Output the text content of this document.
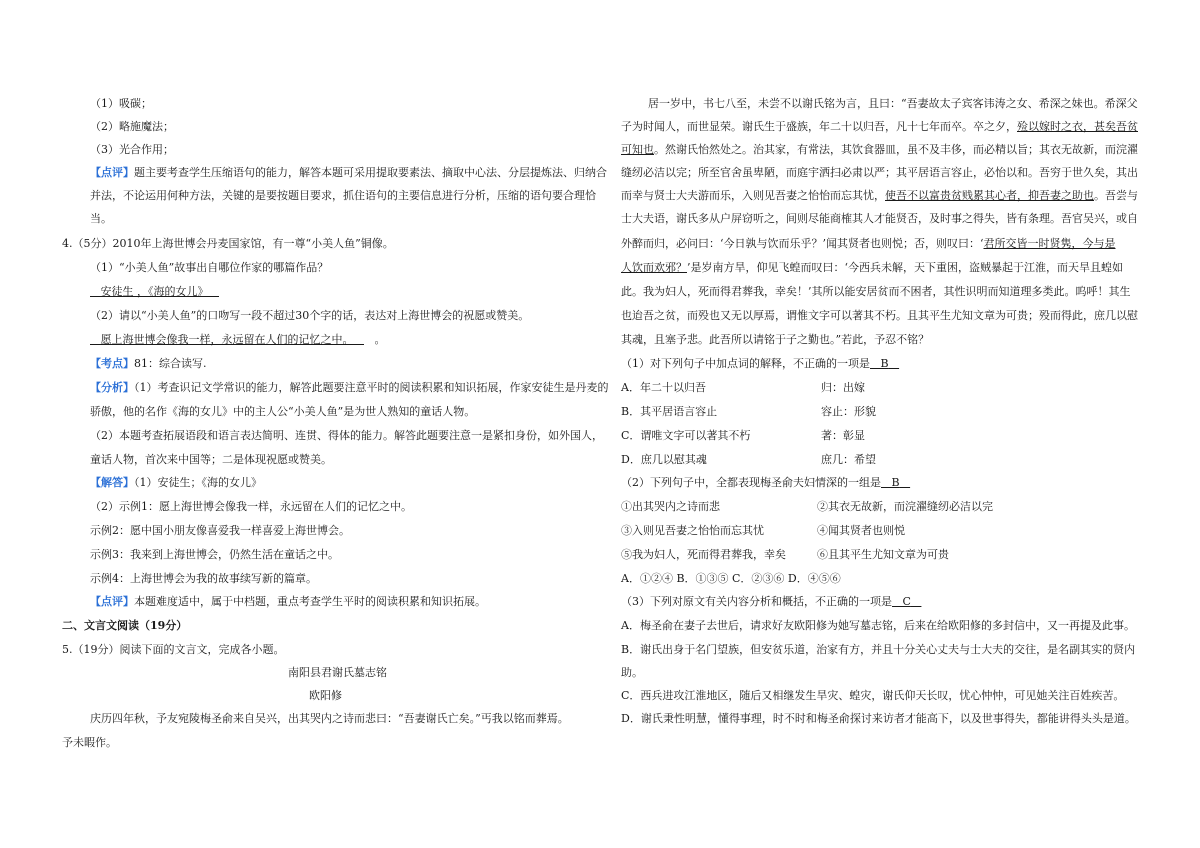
（1）吸碳；
（2）略施魔法；
（3）光合作用；
【点评】题主要考查学生压缩语句的能力，解答本题可采用提取要素法、摘取中心法、分层提炼法、归纳合
并法，不论运用何种方法，关键的是要按题目要求，抓住语句的主要信息进行分析，压缩的语句要合理恰
当。
4.（5分）2010年上海世博会丹麦国家馆，有一尊“小美人鱼”铜像。
（1）“小美人鱼”故事出自哪位作家的哪篇作品？
安徒生 ，《海的女儿》
（2）请以“小美人鱼”的口吻写一段不超过30个字的话，表达对上海世博会的祝愿或赞美。
愿上海世博会像我一样，永远留在人们的记忆之中。 。
【考点】81：综合读写.
【分析】（1）考查识记文学常识的能力，解答此题要注意平时的阅读积累和知识拓展，作家安徒生是丹麦的
骄傲，他的名作《海的女儿》中的主人公“小美人鱼”是为世人熟知的童话人物。
（2）本题考查拓展语段和语言表达简明、连贯、得体的能力。解答此题要注意一是紧扣身份，如外国人，
童话人物，首次来中国等；二是体现祝愿或赞美。
【解答】（1）安徒生；《海的女儿》
（2）示例1：愿上海世博会像我一样，永远留在人们的记忆之中。
示例2：愿中国小朋友像喜爱我一样喜爱上海世博会。
示例3：我来到上海世博会，仍然生活在童话之中。
示例4：上海世博会为我的故事续写新的篇章。
【点评】本题难度适中，属于中档题，重点考查学生平时的阅读积累和知识拓展。
二、文言文阅读（19分）
5.（19分）阅读下面的文言文，完成各小题。
南阳县君谢氏墓志铭
欧阳修
庆历四年秋，予友宛陵梅圣俞来自吴兴，出其哭内之诗而悲曰：“吾妻谢氏亡矣。”丐我以铭而葬焉。
予未暇作。
居一岁中，书七八至，未尝不以谢氏铭为言，且曰：“吾妻故太子宾客讳涛之女、希深之妹也。希深父
子为时闻人，而世显荣。谢氏生于盛族，年二十以归吾，凡十七年而卒。卒之夕，殓以嫁时之衣，甚矣吾贫
可知也。然谢氏怡然处之。治其家，有常法，其饮食器皿，虽不及丰侈，而必精以旨；其衣无故新，而浣濯
缝纫必洁以完；所至官舍虽卑陋，而庭宇洒扫必肃以严；其平居语言容止，必怡以和。吾穷于世久矣，其出
而幸与贤士大夫游而乐，入则见吾妻之怡怡而忘其忧，使吾不以富贵贫贱累其心者，抑吾妻之助也。吾尝与
士大夫语，谢氏多从户屏窃听之，间则尽能商榷其人才能贤否，及时事之得失，皆有条理。吾官吴兴，或自
外醉而归，必问曰：‘今日孰与饮而乐乎？’闻其贤者也则悦；否，则叹曰：‘君所交皆一时贤隽，今与是
人饮而欢邪？’是岁南方旱，仰见飞蝗而叹曰：‘今西兵未解，天下重困，盗贼暴起于江淮，而天旱且蝗如
此。我为妇人，死而得君葬我，幸矣！’其所以能安居贫而不困者，其性识明而知道理多类此。呜呼！其生
也迨吾之贫，而殁也又无以厚焉，谓惟文字可以著其不朽。且其平生尤知文章为可贵；殁而得此，庶几以慰
其魂，且塞予悲。此吾所以请铭于子之勤也。”若此，予忍不铭？
（1）对下列句子中加点词的解释，不正确的一项是 B
A．年二十以归吾	归：出嫁
B．其平居语言容止	容止：形貌
C．谓唯文字可以著其不朽	著：彰显
D．庶几以慰其魂	庶几：希望
（2）下列句子中，全都表现梅圣俞夫妇情深的一组是 B
①出其哭内之诗而悲	②其衣无故新，而浣濯缝纫必洁以完
③入则见吾妻之怡怡而忘其忧	④闻其贤者也则悦
⑤我为妇人，死而得君葬我，幸矣	⑥且其平生尤知文章为可贵
A．①②④ B．①③⑤ C．②③⑥ D．④⑤⑥
（3）下列对原文有关内容分析和概括，不正确的一项是 C
A．梅圣俞在妻子去世后，请求好友欧阳修为她写墓志铭，后来在给欧阳修的多封信中，又一再提及此事。
B．谢氏出身于名门望族，但安贫乐道，治家有方，并且十分关心丈夫与士大夫的交往，是名副其实的贤内
助。
C．西兵进攻江淮地区，随后又相继发生旱灾、蝗灾，谢氏仰天长叹，忧心忡忡，可见她关注百姓疾苦。
D．谢氏秉性明慧，懂得事理，时不时和梅圣俞探讨来访者才能高下，以及世事得失，都能讲得头头是道。
